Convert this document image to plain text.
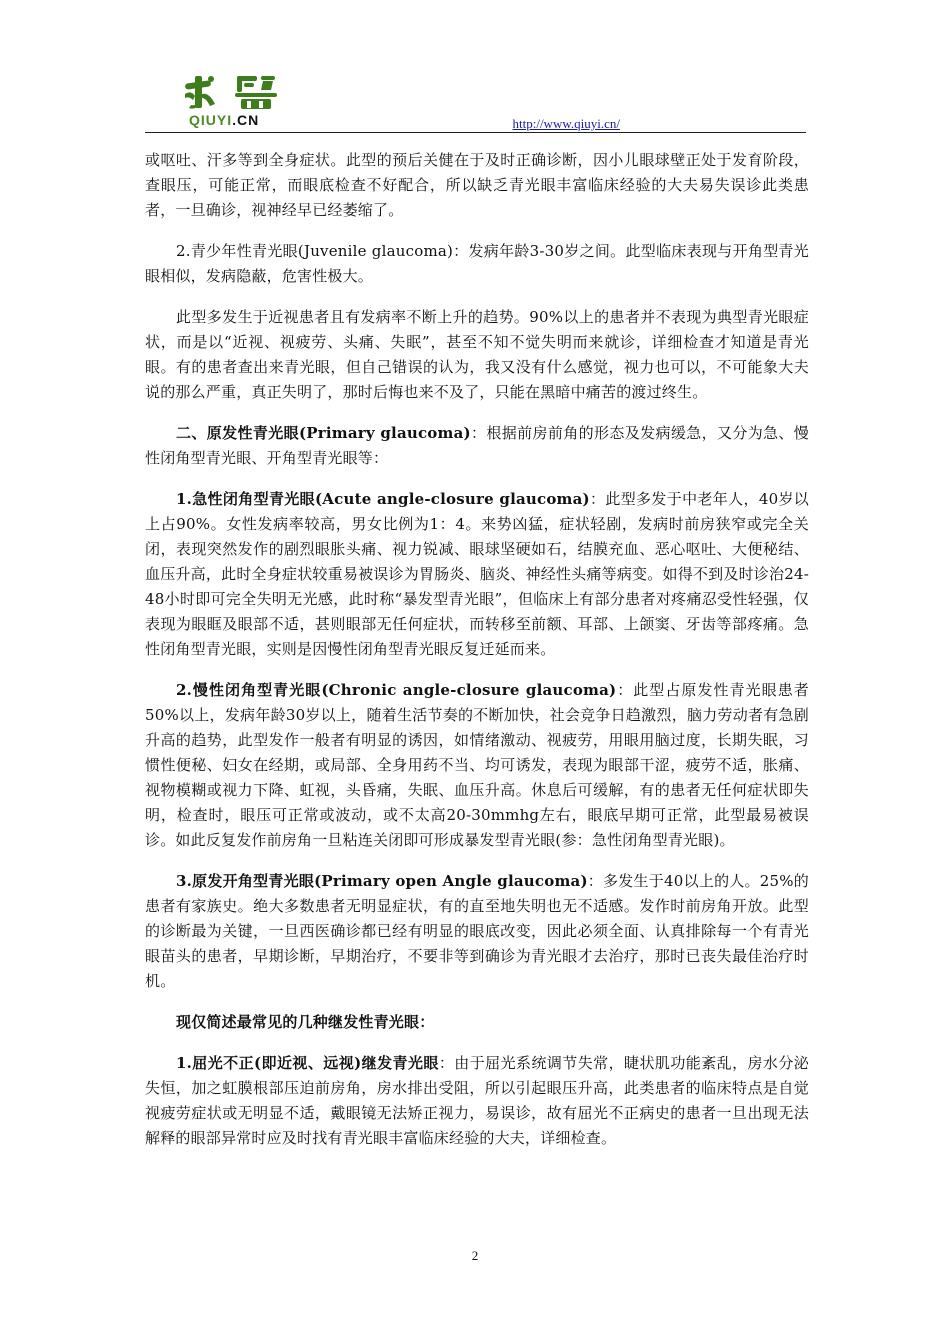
QIUYI.CN	http://www.qiuyi.cn/

或呕吐、汗多等到全身症状。此型的预后关健在于及时正确诊断，因小儿眼球壁正处于发育阶段，查眼压，可能正常，而眼底检查不好配合，所以缺乏青光眼丰富临床经验的大夫易失误诊此类患者，一旦确诊，视神经早已经萎缩了。

2.青少年性青光眼(Juvenile glaucoma)：发病年龄3-30岁之间。此型临床表现与开角型青光眼相似，发病隐蔽，危害性极大。

此型多发生于近视患者且有发病率不断上升的趋势。90%以上的患者并不表现为典型青光眼症状，而是以“近视、视疲劳、头痛、失眠”，甚至不知不觉失明而来就诊，详细检查才知道是青光眼。有的患者查出来青光眼，但自己错误的认为，我又没有什么感觉，视力也可以，不可能象大夫说的那么严重，真正失明了，那时后悔也来不及了，只能在黑暗中痛苦的渡过终生。

二、原发性青光眼(Primary glaucoma)：根据前房前角的形态及发病缓急，又分为急、慢性闭角型青光眼、开角型青光眼等：

1.急性闭角型青光眼(Acute angle-closure glaucoma)：此型多发于中老年人，40岁以上占90%。女性发病率较高，男女比例为1：4。来势凶猛，症状轻剧，发病时前房狭窄或完全关闭，表现突然发作的剧烈眼胀头痛、视力锐减、眼球坚硬如石，结膜充血、恶心呕吐、大便秘结、血压升高，此时全身症状较重易被误诊为胃肠炎、脑炎、神经性头痛等病变。如得不到及时诊治24-48小时即可完全失明无光感，此时称“暴发型青光眼”，但临床上有部分患者对疼痛忍受性轻强，仅表现为眼眶及眼部不适，甚则眼部无任何症状，而转移至前额、耳部、上颌窦、牙齿等部疼痛。急性闭角型青光眼，实则是因慢性闭角型青光眼反复迁延而来。

2.慢性闭角型青光眼(Chronic angle-closure glaucoma)：此型占原发性青光眼患者50%以上，发病年龄30岁以上，随着生活节奏的不断加快，社会竞争日趋激烈，脑力劳动者有急剧升高的趋势，此型发作一般者有明显的诱因，如情绪激动、视疲劳，用眼用脑过度，长期失眠，习惯性便秘、妇女在经期，或局部、全身用药不当、均可诱发，表现为眼部干涩，疲劳不适，胀痛、视物模糊或视力下降、虹视，头昏痛，失眠、血压升高。休息后可缓解，有的患者无任何症状即失明，检查时，眼压可正常或波动，或不太高20-30mmhg左右，眼底早期可正常，此型最易被误诊。如此反复发作前房角一旦粘连关闭即可形成暴发型青光眼(参：急性闭角型青光眼)。

3.原发开角型青光眼(Primary open Angle glaucoma)：多发生于40以上的人。25%的患者有家族史。绝大多数患者无明显症状，有的直至地失明也无不适感。发作时前房角开放。此型的诊断最为关键，一旦西医确诊都已经有明显的眼底改变，因此必须全面、认真排除每一个有青光眼苗头的患者，早期诊断，早期治疗，不要非等到确诊为青光眼才去治疗，那时已丧失最佳治疗时机。

现仅简述最常见的几种继发性青光眼：

1.屈光不正(即近视、远视)继发青光眼：由于屈光系统调节失常，睫状肌功能紊乱，房水分泌失恒，加之虹膜根部压迫前房角，房水排出受阻，所以引起眼压升高，此类患者的临床特点是自觉视疲劳症状或无明显不适，戴眼镜无法矫正视力，易误诊，故有屈光不正病史的患者一旦出现无法解释的眼部异常时应及时找有青光眼丰富临床经验的大夫，详细检查。

2
